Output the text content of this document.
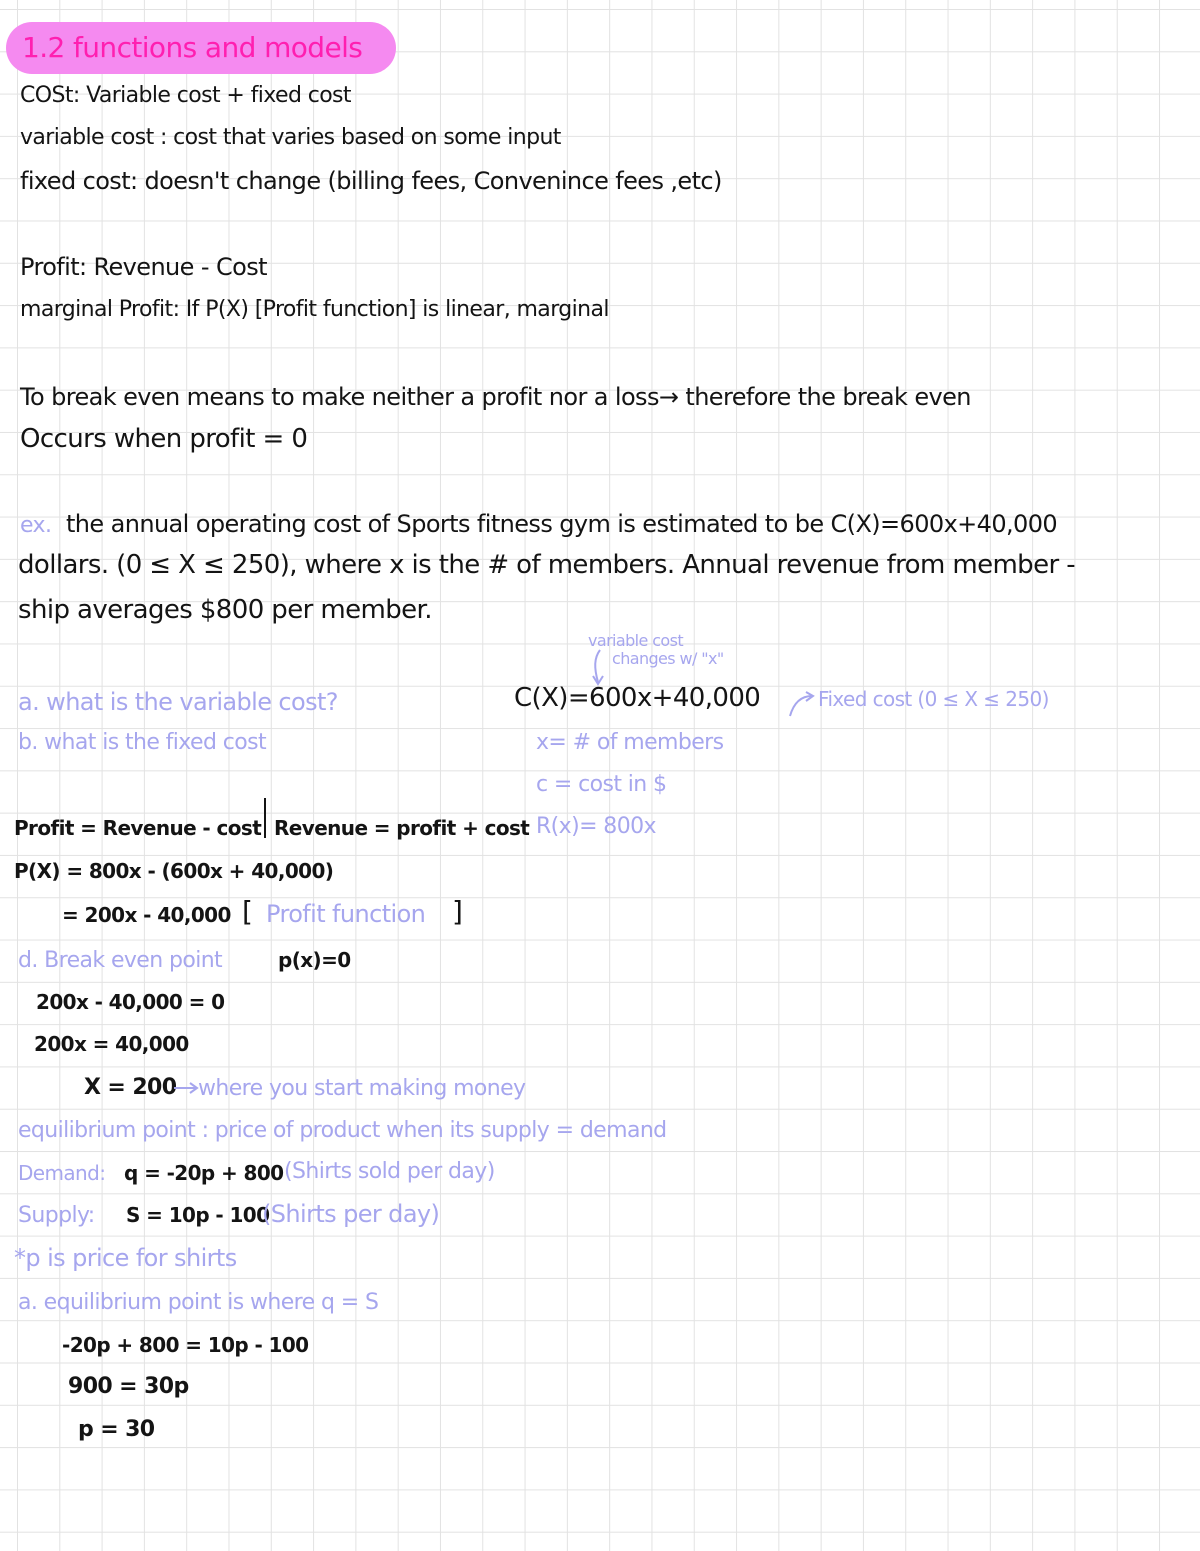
1.2 functions and models
COSt: Variable cost + fixed cost
variable cost : cost that varies based on some input
fixed cost: doesn't change (billing fees, Convenince fees ,etc)
Profit: Revenue - Cost
marginal Profit: If P(X) [Profit function] is linear, marginal
To break even means to make neither a profit nor a loss→ therefore the break even
Occurs when profit = 0
ex. the annual operating cost of Sports fitness gym is estimated to be C(X)=600x+40,000
dollars. (0 ≤ X ≤ 250), where x is the # of members. Annual revenue from member -
ship averages $800 per member.
variable cost
changes w/ "x"
a. what is the variable cost?
b. what is the fixed cost
C(X)=600x+40,000	Fixed cost (0 ≤ X ≤ 250)
x= # of members
c = cost in $
Profit = Revenue - cost Revenue = profit + cost R(x)= 800x
P(X) = 800x - (600x + 40,000)
= 200x - 40,000 [ Profit function ]
d. Break even point	p(x)=0
200x - 40,000 = 0
200x = 40,000
X = 200 where you start making money
equilibrium point : price of product when its supply = demand
Demand: q = -20p + 800 (Shirts sold per day)
Supply: S = 10p - 100
(Shirts per day)
*p is price for shirts
a. equilibrium point is where q = S
-20p + 800 = 10p - 100
900 = 30p
p = 30
